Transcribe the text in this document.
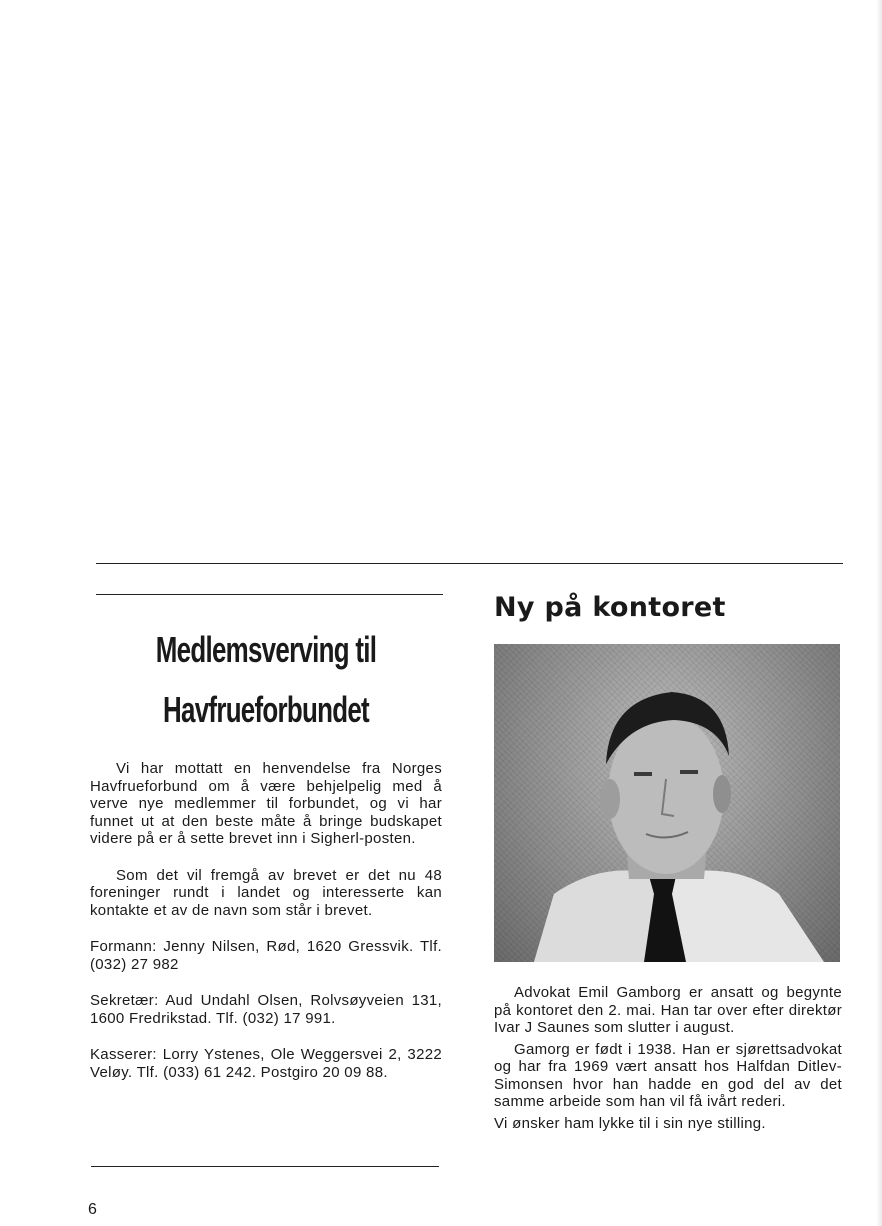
Medlemsverving til
Havfrueforbundet

Vi har mottatt en henvendelse fra Norges Havfrueforbund om å være behjelpelig med å verve nye medlemmer til forbundet, og vi har funnet ut at den beste måte å bringe budskapet videre på er å sette brevet inn i Sigherl-posten.

Som det vil fremgå av brevet er det nu 48 foreninger rundt i landet og interesserte kan kontakte et av de navn som står i brevet.

Formann: Jenny Nilsen, Rød, 1620 Gressvik. Tlf. (032) 27 982

Sekretær: Aud Undahl Olsen, Rolvsøyveien 131, 1600 Fredrikstad. Tlf. (032) 17 991.

Kasserer: Lorry Ystenes, Ole Weggersvei 2, 3222 Veløy. Tlf. (033) 61 242. Postgiro 20 09 88.

Ny på kontoret

Advokat Emil Gamborg er ansatt og begynte på kontoret den 2. mai. Han tar over efter direktør Ivar J Saunes som slutter i august.

Gamorg er født i 1938. Han er sjørettsadvokat og har fra 1969 vært ansatt hos Halfdan Ditlev-Simonsen hvor han hadde en god del av det samme arbeide som han vil få ivårt rederi.

Vi ønsker ham lykke til i sin nye stilling.

6
